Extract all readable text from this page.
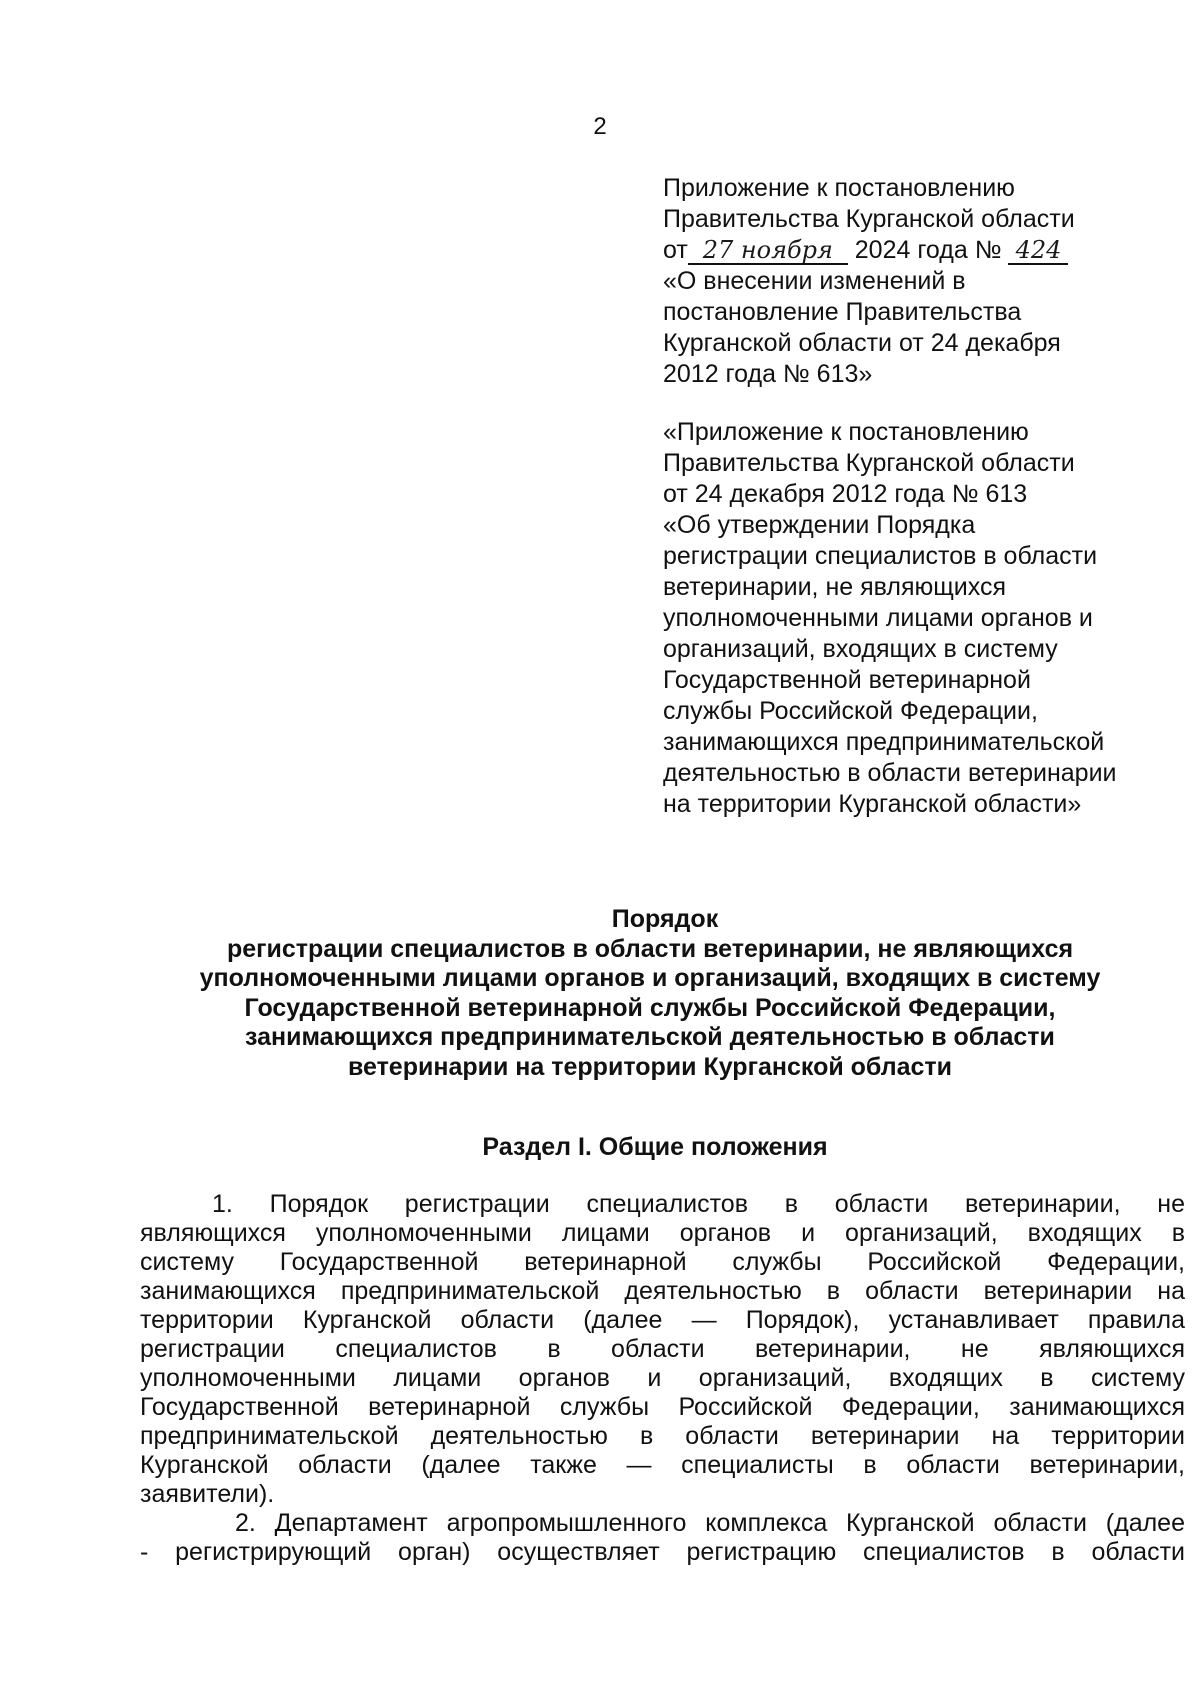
2
Приложение к постановлению
Правительства Курганской области
от 27 ноября 2024 года № 424
«О внесении изменений в
постановление Правительства
Курганской области от 24 декабря
2012 года № 613»
«Приложение к постановлению
Правительства Курганской области
от 24 декабря 2012 года № 613
«Об утверждении Порядка
регистрации специалистов в области
ветеринарии, не являющихся
уполномоченными лицами органов и
организаций, входящих в систему
Государственной ветеринарной
службы Российской Федерации,
занимающихся предпринимательской
деятельностью в области ветеринарии
на территории Курганской области»
Порядок
регистрации специалистов в области ветеринарии, не являющихся
уполномоченными лицами органов и организаций, входящих в систему
Государственной ветеринарной службы Российской Федерации,
занимающихся предпринимательской деятельностью в области
ветеринарии на территории Курганской области
Раздел I. Общие положения
1. Порядок регистрации специалистов в области ветеринарии, не
являющихся уполномоченными лицами органов и организаций, входящих в
систему Государственной ветеринарной службы Российской Федерации,
занимающихся предпринимательской деятельностью в области ветеринарии на
территории Курганской области (далее — Порядок), устанавливает правила
регистрации специалистов в области ветеринарии, не являющихся
уполномоченными лицами органов и организаций, входящих в систему
Государственной ветеринарной службы Российской Федерации, занимающихся
предпринимательской деятельностью в области ветеринарии на территории
Курганской области (далее также — специалисты в области ветеринарии,
заявители).
2. Департамент агропромышленного комплекса Курганской области (далее
- регистрирующий орган) осуществляет регистрацию специалистов в области
